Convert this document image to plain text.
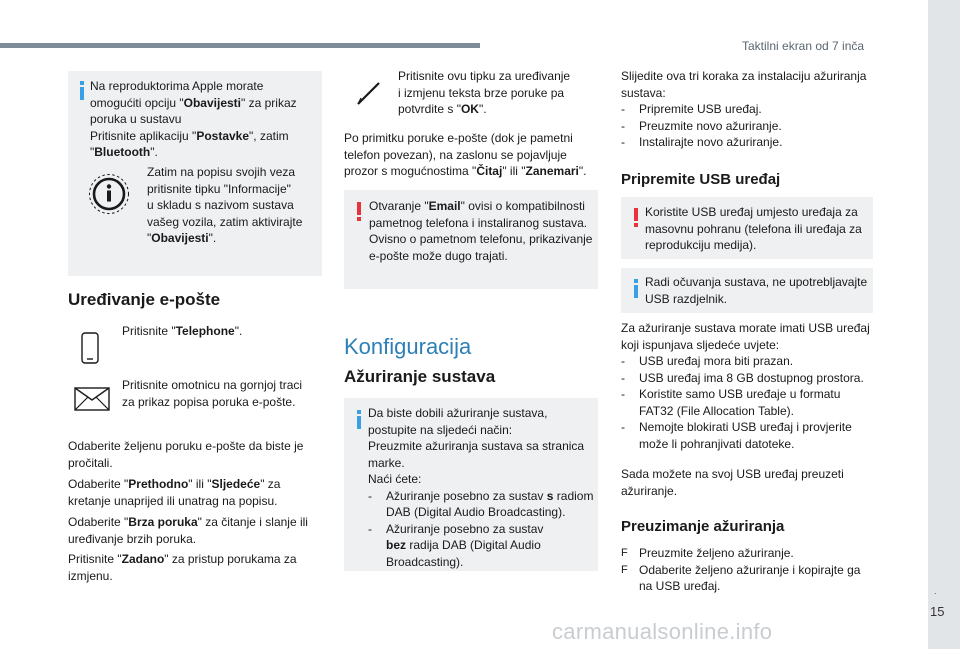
Taktilni ekran od 7 inča
.
15
carmanualsonline.info
Na reproduktorima Apple morate
omogućiti opciju "Obavijesti" za prikaz
poruka u sustavu
Pritisnite aplikaciju "Postavke", zatim
"Bluetooth".
Zatim na popisu svojih veza
pritisnite tipku "Informacije"
u skladu s nazivom sustava
vašeg vozila, zatim aktivirajte
"Obavijesti".
Uređivanje e-pošte
Pritisnite "Telephone".
Pritisnite omotnicu na gornjoj traci
za prikaz popisa poruka e-pošte.
Odaberite željenu poruku e-pošte da biste je
pročitali.
Odaberite "Prethodno" ili "Sljedeće" za
kretanje unaprijed ili unatrag na popisu.
Odaberite "Brza poruka" za čitanje i slanje ili
uređivanje brzih poruka.
Pritisnite "Zadano" za pristup porukama za
izmjenu.
Pritisnite ovu tipku za uređivanje
i izmjenu teksta brze poruke pa
potvrdite s "OK".
Po primitku poruke e-pošte (dok je pametni
telefon povezan), na zaslonu se pojavljuje
prozor s mogućnostima "Čitaj" ili "Zanemari".
Otvaranje "Email" ovisi o kompatibilnosti
pametnog telefona i instaliranog sustava.
Ovisno o pametnom telefonu, prikazivanje
e-pošte može dugo trajati.
Konfiguracija
Ažuriranje sustava
Da biste dobili ažuriranje sustava,
postupite na sljedeći način:
Preuzmite ažuriranja sustava sa stranica
marke.
Naći ćete:
- Ažuriranje posebno za sustav s radiom
DAB (Digital Audio Broadcasting).
- Ažuriranje posebno za sustav
bez radija DAB (Digital Audio
Broadcasting).
Slijedite ova tri koraka za instalaciju ažuriranja
sustava:
- Pripremite USB uređaj.
- Preuzmite novo ažuriranje.
- Instalirajte novo ažuriranje.
Pripremite USB uređaj
Koristite USB uređaj umjesto uređaja za
masovnu pohranu (telefona ili uređaja za
reprodukciju medija).
Radi očuvanja sustava, ne upotrebljavajte
USB razdjelnik.
Za ažuriranje sustava morate imati USB uređaj
koji ispunjava sljedeće uvjete:
- USB uređaj mora biti prazan.
- USB uređaj ima 8 GB dostupnog prostora.
- Koristite samo USB uređaje u formatu
FAT32 (File Allocation Table).
- Nemojte blokirati USB uređaj i provjerite
može li pohranjivati datoteke.
Sada možete na svoj USB uređaj preuzeti
ažuriranje.
Preuzimanje ažuriranja
F Preuzmite željeno ažuriranje.
F Odaberite željeno ažuriranje i kopirajte ga
na USB uređaj.
